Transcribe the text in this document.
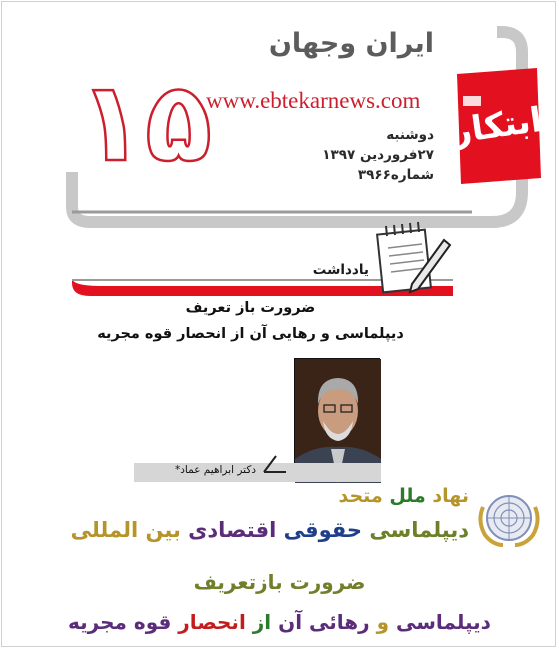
ایران وجهان
www.ebtekarnews.com
دوشنبه
۲۷فروردین ۱۳۹۷
شماره۳۹۶۶
۱۵	ابتکار
یادداشت
ضرورت باز تعریف
دیپلماسی و رهایی آن از انحصار قوه مجریه
دکتر ابراهیم عماد*
نهاد ملل متحد
دیپلماسی حقوقی اقتصادی بین المللی
ضرورت بازتعریف
دیپلماسی و رهائی آن از انحصار قوه مجریه
